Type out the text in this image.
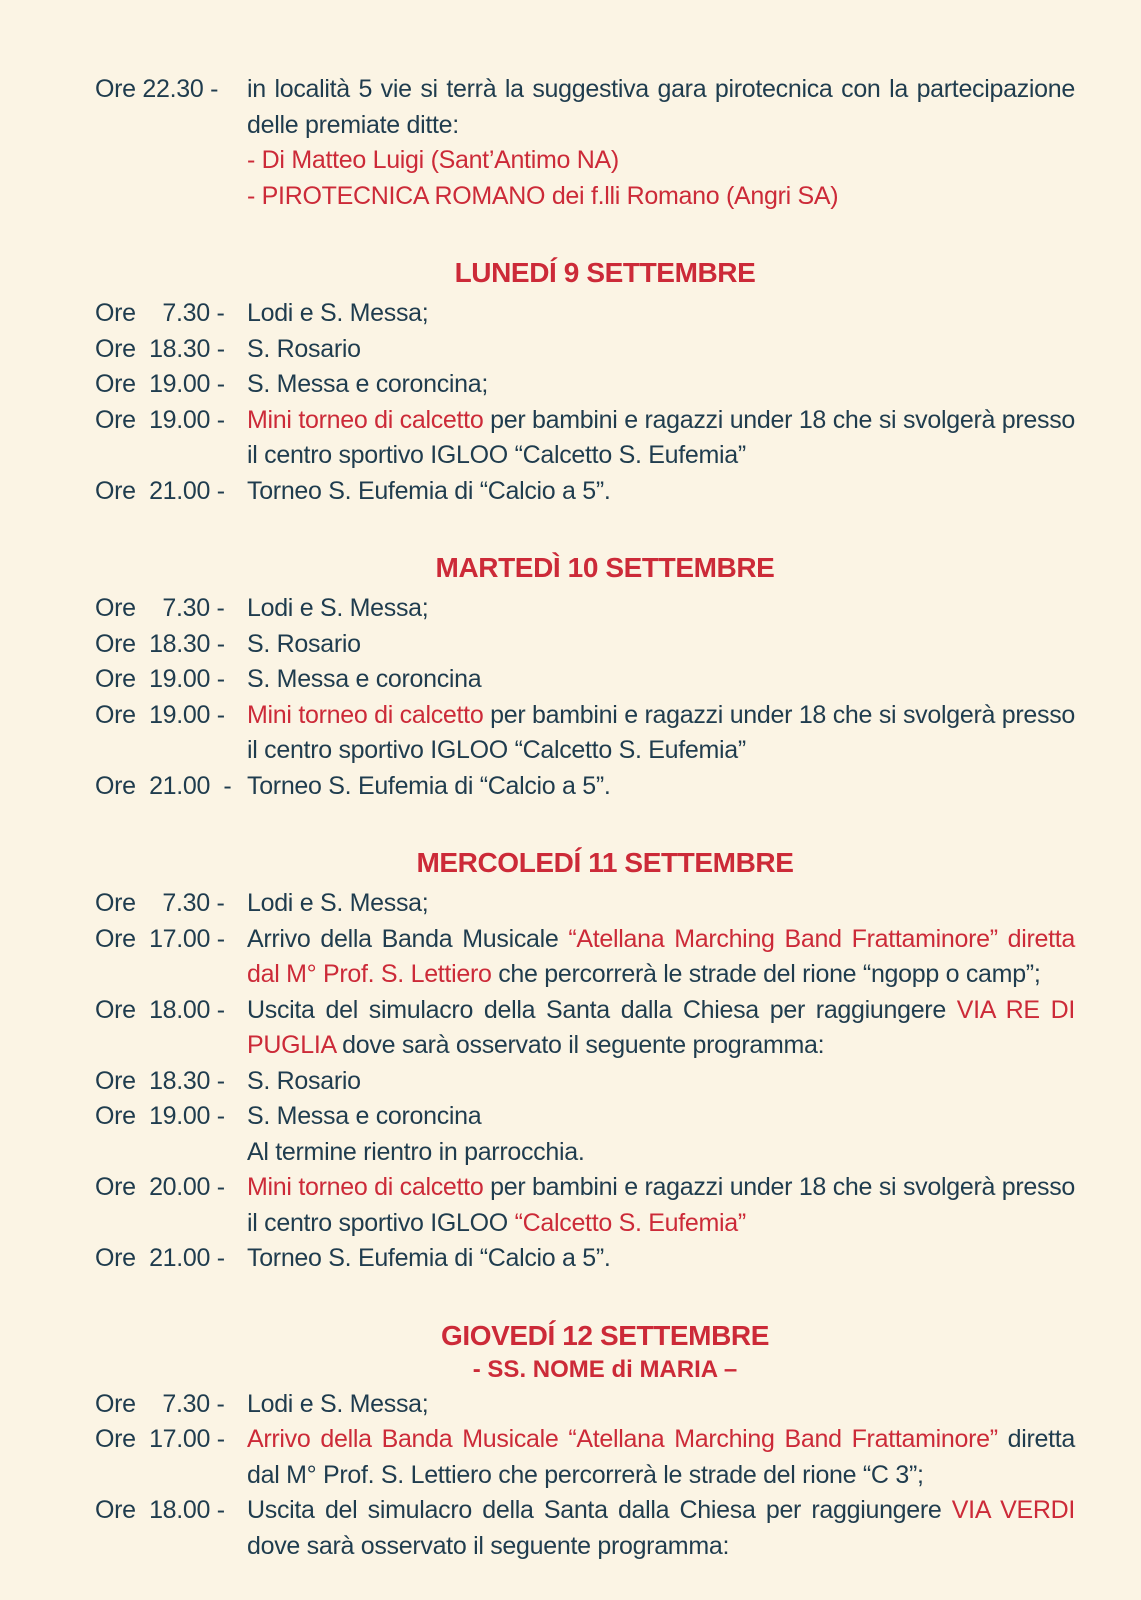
Ore 22.30 -	in località 5 vie si terrà la suggestiva gara pirotecnica con la partecipazione delle premiate ditte:
- Di Matteo Luigi (Sant’Antimo NA)
- PIROTECNICA ROMANO dei f.lli Romano (Angri SA)
LUNEDÍ 9 SETTEMBRE
Ore    7.30 - Lodi e S. Messa;
Ore  18.30 - S. Rosario
Ore  19.00 - S. Messa e coroncina;
Ore  19.00 - Mini torneo di calcetto per bambini e ragazzi under 18 che si svolgerà presso il centro sportivo IGLOO “Calcetto S. Eufemia”
Ore  21.00 - Torneo S. Eufemia di “Calcio a 5”.
MARTEDÌ 10 SETTEMBRE
Ore    7.30 - Lodi e S. Messa;
Ore  18.30 - S. Rosario
Ore  19.00 - S. Messa e coroncina
Ore  19.00 - Mini torneo di calcetto per bambini e ragazzi under 18 che si svolgerà presso il centro sportivo IGLOO “Calcetto S. Eufemia”
Ore  21.00  - Torneo S. Eufemia di “Calcio a 5”.
MERCOLEDÍ 11 SETTEMBRE
Ore    7.30 - Lodi e S. Messa;
Ore  17.00 - Arrivo della Banda Musicale “Atellana Marching Band Frattaminore” diretta dal M° Prof. S. Lettiero che percorrerà le strade del rione “ngopp o camp”;
Ore  18.00 - Uscita del simulacro della Santa dalla Chiesa per raggiungere VIA RE DI PUGLIA dove sarà osservato il seguente programma:
Ore  18.30 - S. Rosario
Ore  19.00 - S. Messa e coroncina
Al termine rientro in parrocchia.
Ore  20.00 - Mini torneo di calcetto per bambini e ragazzi under 18 che si svolgerà presso il centro sportivo IGLOO “Calcetto S. Eufemia”
Ore  21.00 - Torneo S. Eufemia di “Calcio a 5”.
GIOVEDÍ 12 SETTEMBRE
- SS. NOME di MARIA –
Ore    7.30 - Lodi e S. Messa;
Ore  17.00 - Arrivo della Banda Musicale “Atellana Marching Band Frattaminore” diretta dal M° Prof. S. Lettiero che percorrerà le strade del rione “C 3”;
Ore  18.00 - Uscita del simulacro della Santa dalla Chiesa per raggiungere VIA VERDI dove sarà osservato il seguente programma:
